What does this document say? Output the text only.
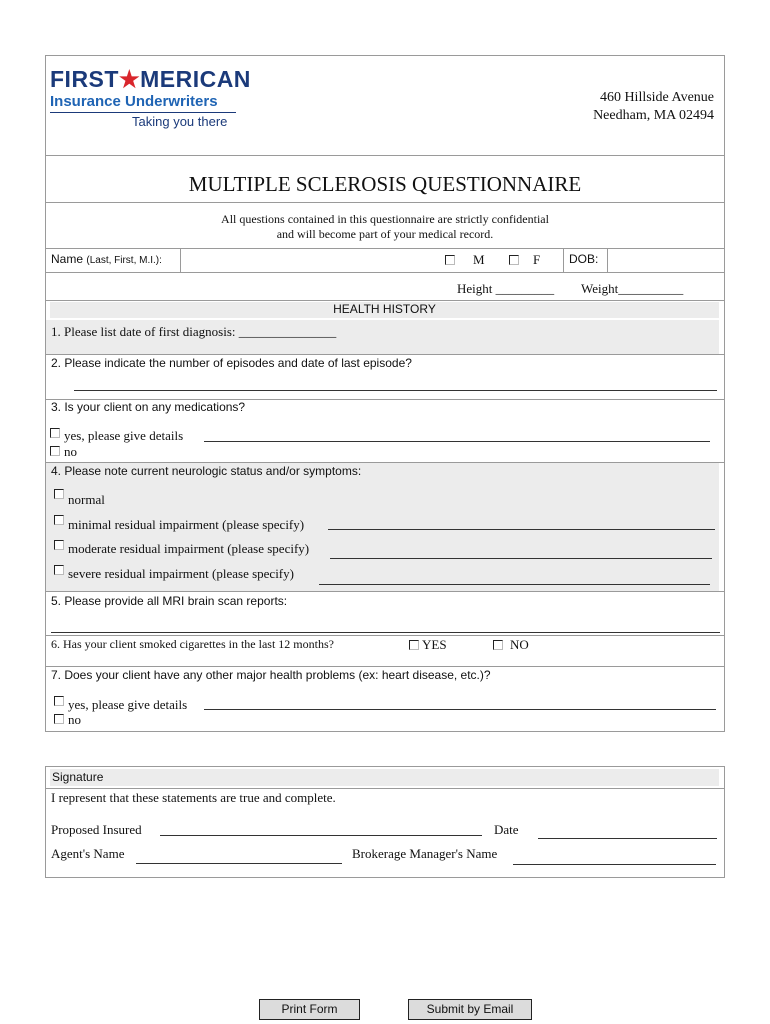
FIRST★MERICAN
Insurance Underwriters
Taking you there
460 Hillside Avenue
Needham, MA 02494
MULTIPLE SCLEROSIS QUESTIONNAIRE
All questions contained in this questionnaire are strictly confidential
and will become part of your medical record.
Name (Last, First, M.I.):	M	F DOB:
Height _________ Weight__________
HEALTH HISTORY
1. Please list date of first diagnosis: _______________
2. Please indicate the number of episodes and date of last episode?
3. Is your client on any medications?
yes, please give details
no
4. Please note current neurologic status and/or symptoms:
normal
minimal residual impairment (please specify)
moderate residual impairment (please specify)
severe residual impairment (please specify)
5. Please provide all MRI brain scan reports:
6. Has your client smoked cigarettes in the last 12 months?	YES	NO
7. Does your client have any other major health problems (ex: heart disease, etc.)?
yes, please give details
no
Signature
I represent that these statements are true and complete.
Proposed Insured	Date
Agent's Name	Brokerage Manager's Name
Print Form	Submit by Email
